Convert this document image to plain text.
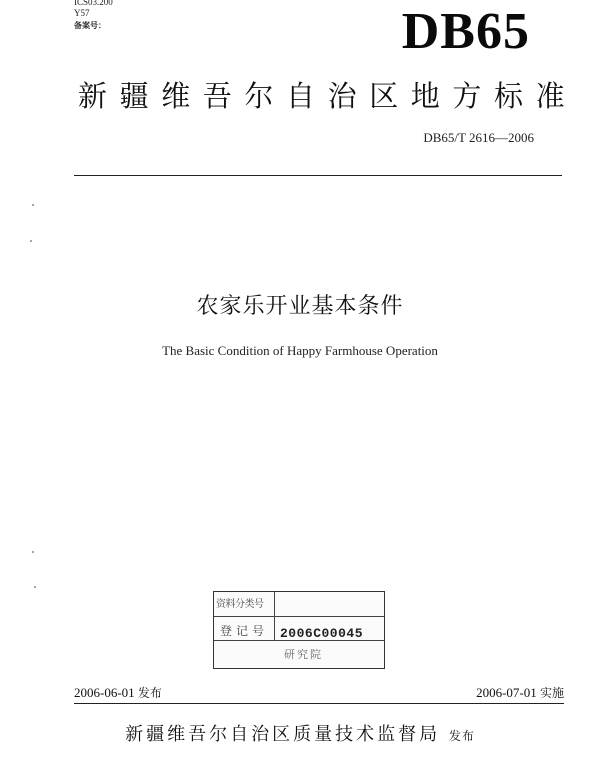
ICS03.200
Y57
备案号：	DB65
新疆维吾尔自治区地方标准
DB65/T 2616—2006
农家乐开业基本条件
The Basic Condition of Happy Farmhouse Operation
资料分类号
登记号 2006C00045
研究院
2006-06-01 发布	2006-07-01 实施
新疆维吾尔自治区质量技术监督局 发布
